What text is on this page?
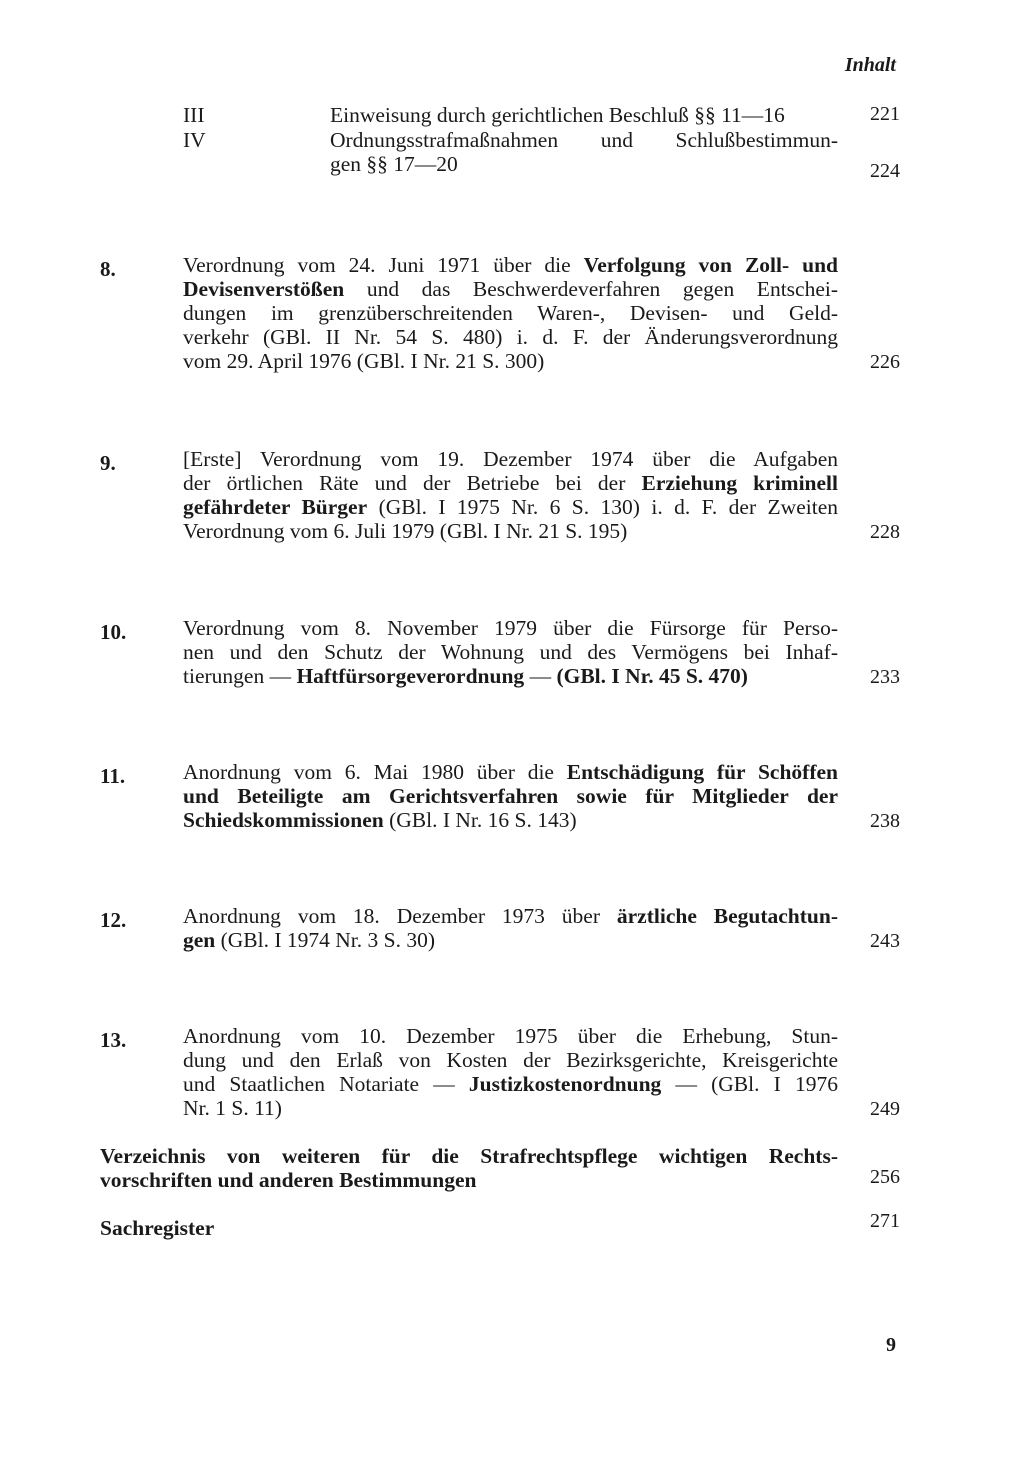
Inhalt
III	Einweisung durch gerichtlichen Beschluß §§ 11—16	221
IV	Ordnungsstrafmaßnahmen und Schlußbestimmun-
gen §§ 17—20	224
8.	Verordnung vom 24. Juni 1971 über die Verfolgung von Zoll- und
Devisenverstößen und das Beschwerdeverfahren gegen Entschei-
dungen im grenzüberschreitenden Waren-, Devisen- und Geld-
verkehr (GBl. II Nr. 54 S. 480) i. d. F. der Änderungsverordnung
vom 29. April 1976 (GBl. I Nr. 21 S. 300)	226
9.	[Erste] Verordnung vom 19. Dezember 1974 über die Aufgaben
der örtlichen Räte und der Betriebe bei der Erziehung kriminell
gefährdeter Bürger (GBl. I 1975 Nr. 6 S. 130) i. d. F. der Zweiten
Verordnung vom 6. Juli 1979 (GBl. I Nr. 21 S. 195)	228
10.	Verordnung vom 8. November 1979 über die Fürsorge für Perso-
nen und den Schutz der Wohnung und des Vermögens bei Inhaf-
tierungen — Haftfürsorgeverordnung — (GBl. I Nr. 45 S. 470)	233
11.	Anordnung vom 6. Mai 1980 über die Entschädigung für Schöffen
und Beteiligte am Gerichtsverfahren sowie für Mitglieder der
Schiedskommissionen (GBl. I Nr. 16 S. 143)	238
12.	Anordnung vom 18. Dezember 1973 über ärztliche Begutachtun-
gen (GBl. I 1974 Nr. 3 S. 30)	243
13.	Anordnung vom 10. Dezember 1975 über die Erhebung, Stun-
dung und den Erlaß von Kosten der Bezirksgerichte, Kreisgerichte
und Staatlichen Notariate — Justizkostenordnung — (GBl. I 1976
Nr. 1 S. 11)	249
Verzeichnis von weiteren für die Strafrechtspflege wichtigen Rechts-
vorschriften und anderen Bestimmungen	256
Sachregister	271
9
